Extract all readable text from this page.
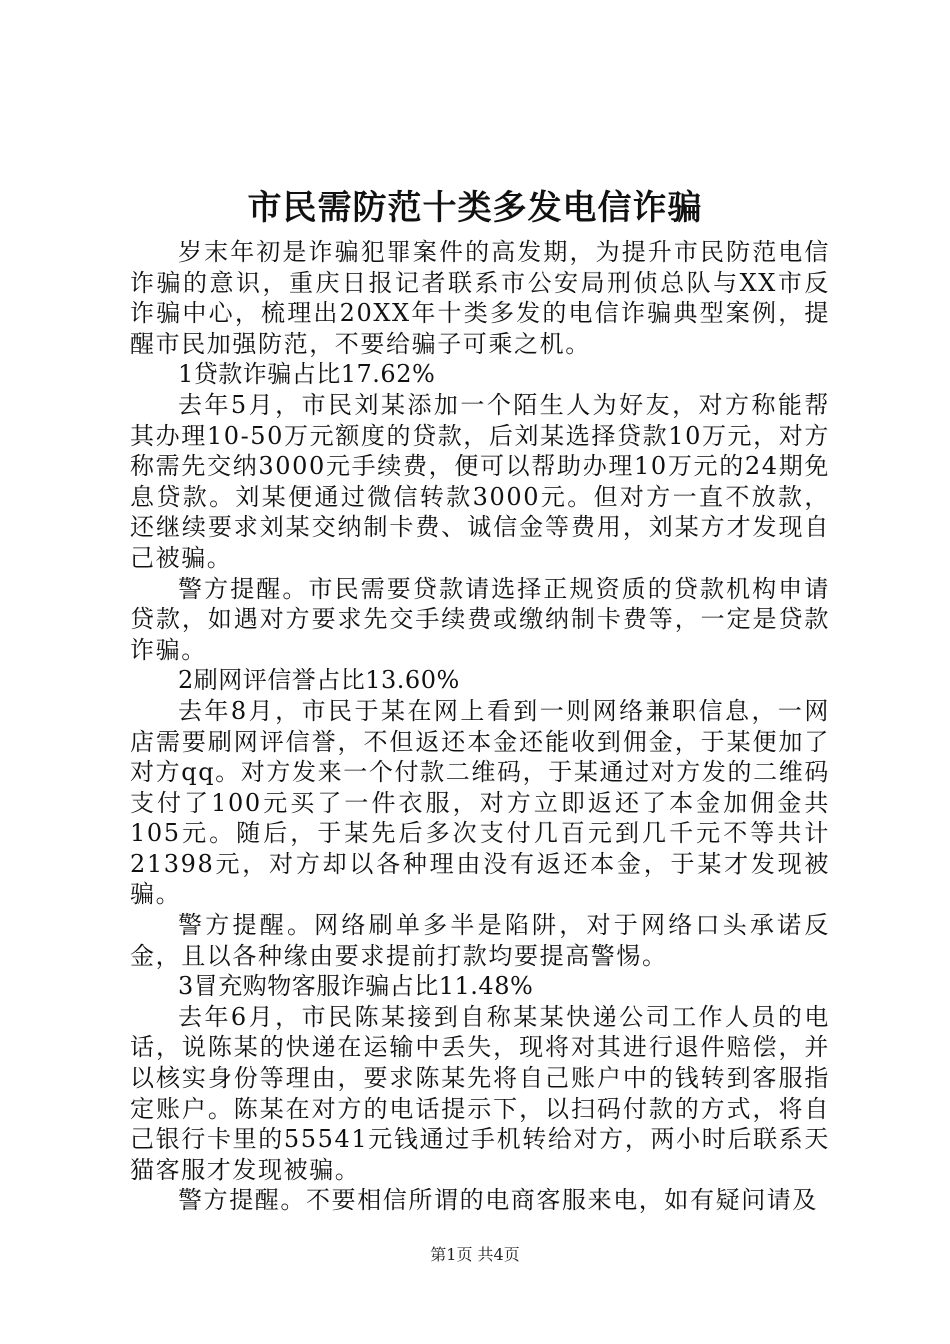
市民需防范十类多发电信诈骗

岁末年初是诈骗犯罪案件的高发期，为提升市民防范电信诈骗的意识，重庆日报记者联系市公安局刑侦总队与XX市反诈骗中心，梳理出20XX年十类多发的电信诈骗典型案例，提醒市民加强防范，不要给骗子可乘之机。

1贷款诈骗占比17.62%

去年5月，市民刘某添加一个陌生人为好友，对方称能帮其办理10-50万元额度的贷款，后刘某选择贷款10万元，对方称需先交纳3000元手续费，便可以帮助办理10万元的24期免息贷款。刘某便通过微信转款3000元。但对方一直不放款，还继续要求刘某交纳制卡费、诚信金等费用，刘某方才发现自己被骗。

警方提醒。市民需要贷款请选择正规资质的贷款机构申请贷款，如遇对方要求先交手续费或缴纳制卡费等，一定是贷款诈骗。

2刷网评信誉占比13.60%

去年8月，市民于某在网上看到一则网络兼职信息，一网店需要刷网评信誉，不但返还本金还能收到佣金，于某便加了对方qq。对方发来一个付款二维码，于某通过对方发的二维码支付了100元买了一件衣服，对方立即返还了本金加佣金共105元。随后，于某先后多次支付几百元到几千元不等共计21398元，对方却以各种理由没有返还本金，于某才发现被骗。

警方提醒。网络刷单多半是陷阱，对于网络口头承诺反金，且以各种缘由要求提前打款均要提高警惕。

3冒充购物客服诈骗占比11.48%

去年6月，市民陈某接到自称某某快递公司工作人员的电话，说陈某的快递在运输中丢失，现将对其进行退件赔偿，并以核实身份等理由，要求陈某先将自己账户中的钱转到客服指定账户。陈某在对方的电话提示下，以扫码付款的方式，将自己银行卡里的55541元钱通过手机转给对方，两小时后联系天猫客服才发现被骗。

警方提醒。不要相信所谓的电商客服来电，如有疑问请及

第1页 共4页
